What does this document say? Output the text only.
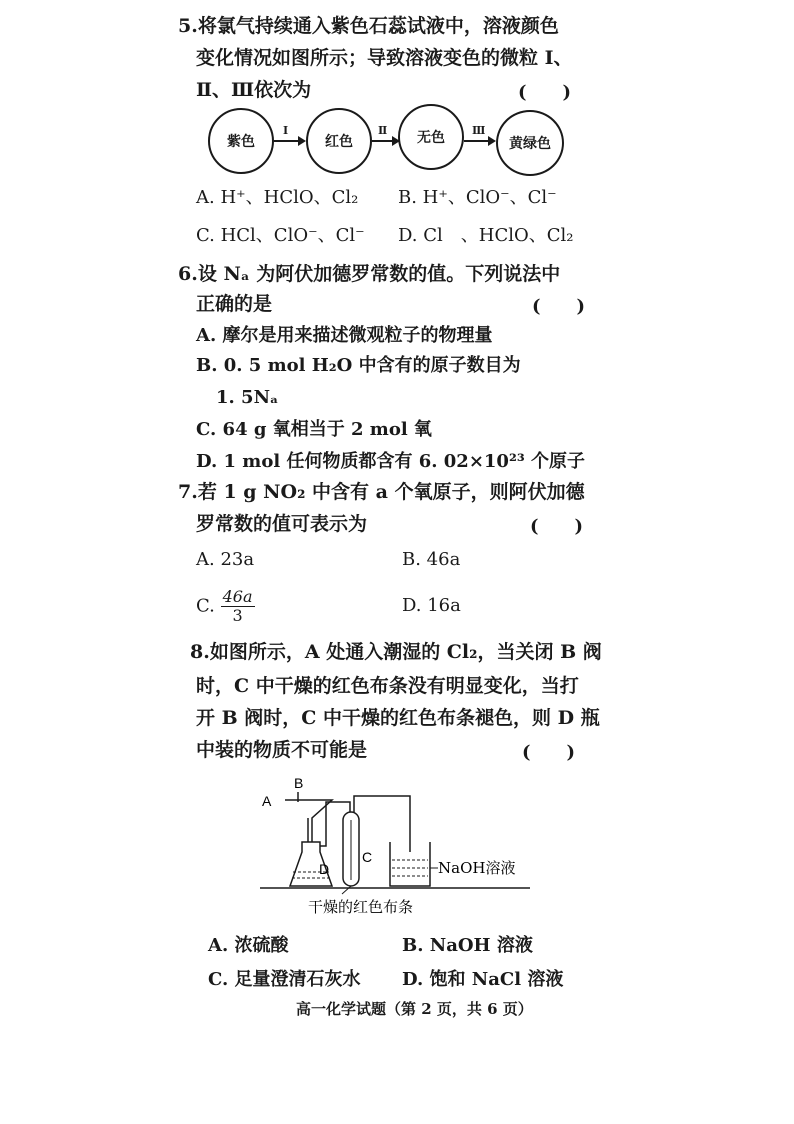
5.将氯气持续通入紫色石蕊试液中，溶液颜色
变化情况如图所示；导致溶液变色的微粒 Ⅰ、
Ⅱ、Ⅲ依次为	(　　)
紫色
Ⅰ
红色
Ⅱ	无色	Ⅲ
黄绿色
A. H⁺、HClO、Cl₂ B. H⁺、ClO⁻、Cl⁻
C. HCl、ClO⁻、Cl⁻ D. Cl　、HClO、Cl₂
6.设 Nₐ 为阿伏加德罗常数的值。下列说法中
正确的是	(　　)
A. 摩尔是用来描述微观粒子的物理量
B. 0. 5 mol H₂O 中含有的原子数目为
1. 5Nₐ
C. 64 g 氧相当于 2 mol 氧
D. 1 mol 任何物质都含有 6. 02×10²³ 个原子
7.若 1 g NO₂ 中含有 a 个氧原子，则阿伏加德
罗常数的值可表示为	(　　)
A. 23a	B. 46a
C. $\frac{46a}{3}$	D. 16a
8.如图所示，A 处通入潮湿的 Cl₂，当关闭 B 阀
时，C 中干燥的红色布条没有明显变化，当打
开 B 阀时，C 中干燥的红色布条褪色，则 D 瓶
中装的物质不可能是	(　　)
A
B
C
D	NaOH溶液
干燥的红色布条
A. 浓硫酸	B. NaOH 溶液
C. 足量澄清石灰水 D. 饱和 NaCl 溶液
高一化学试题（第 2 页，共 6 页）
